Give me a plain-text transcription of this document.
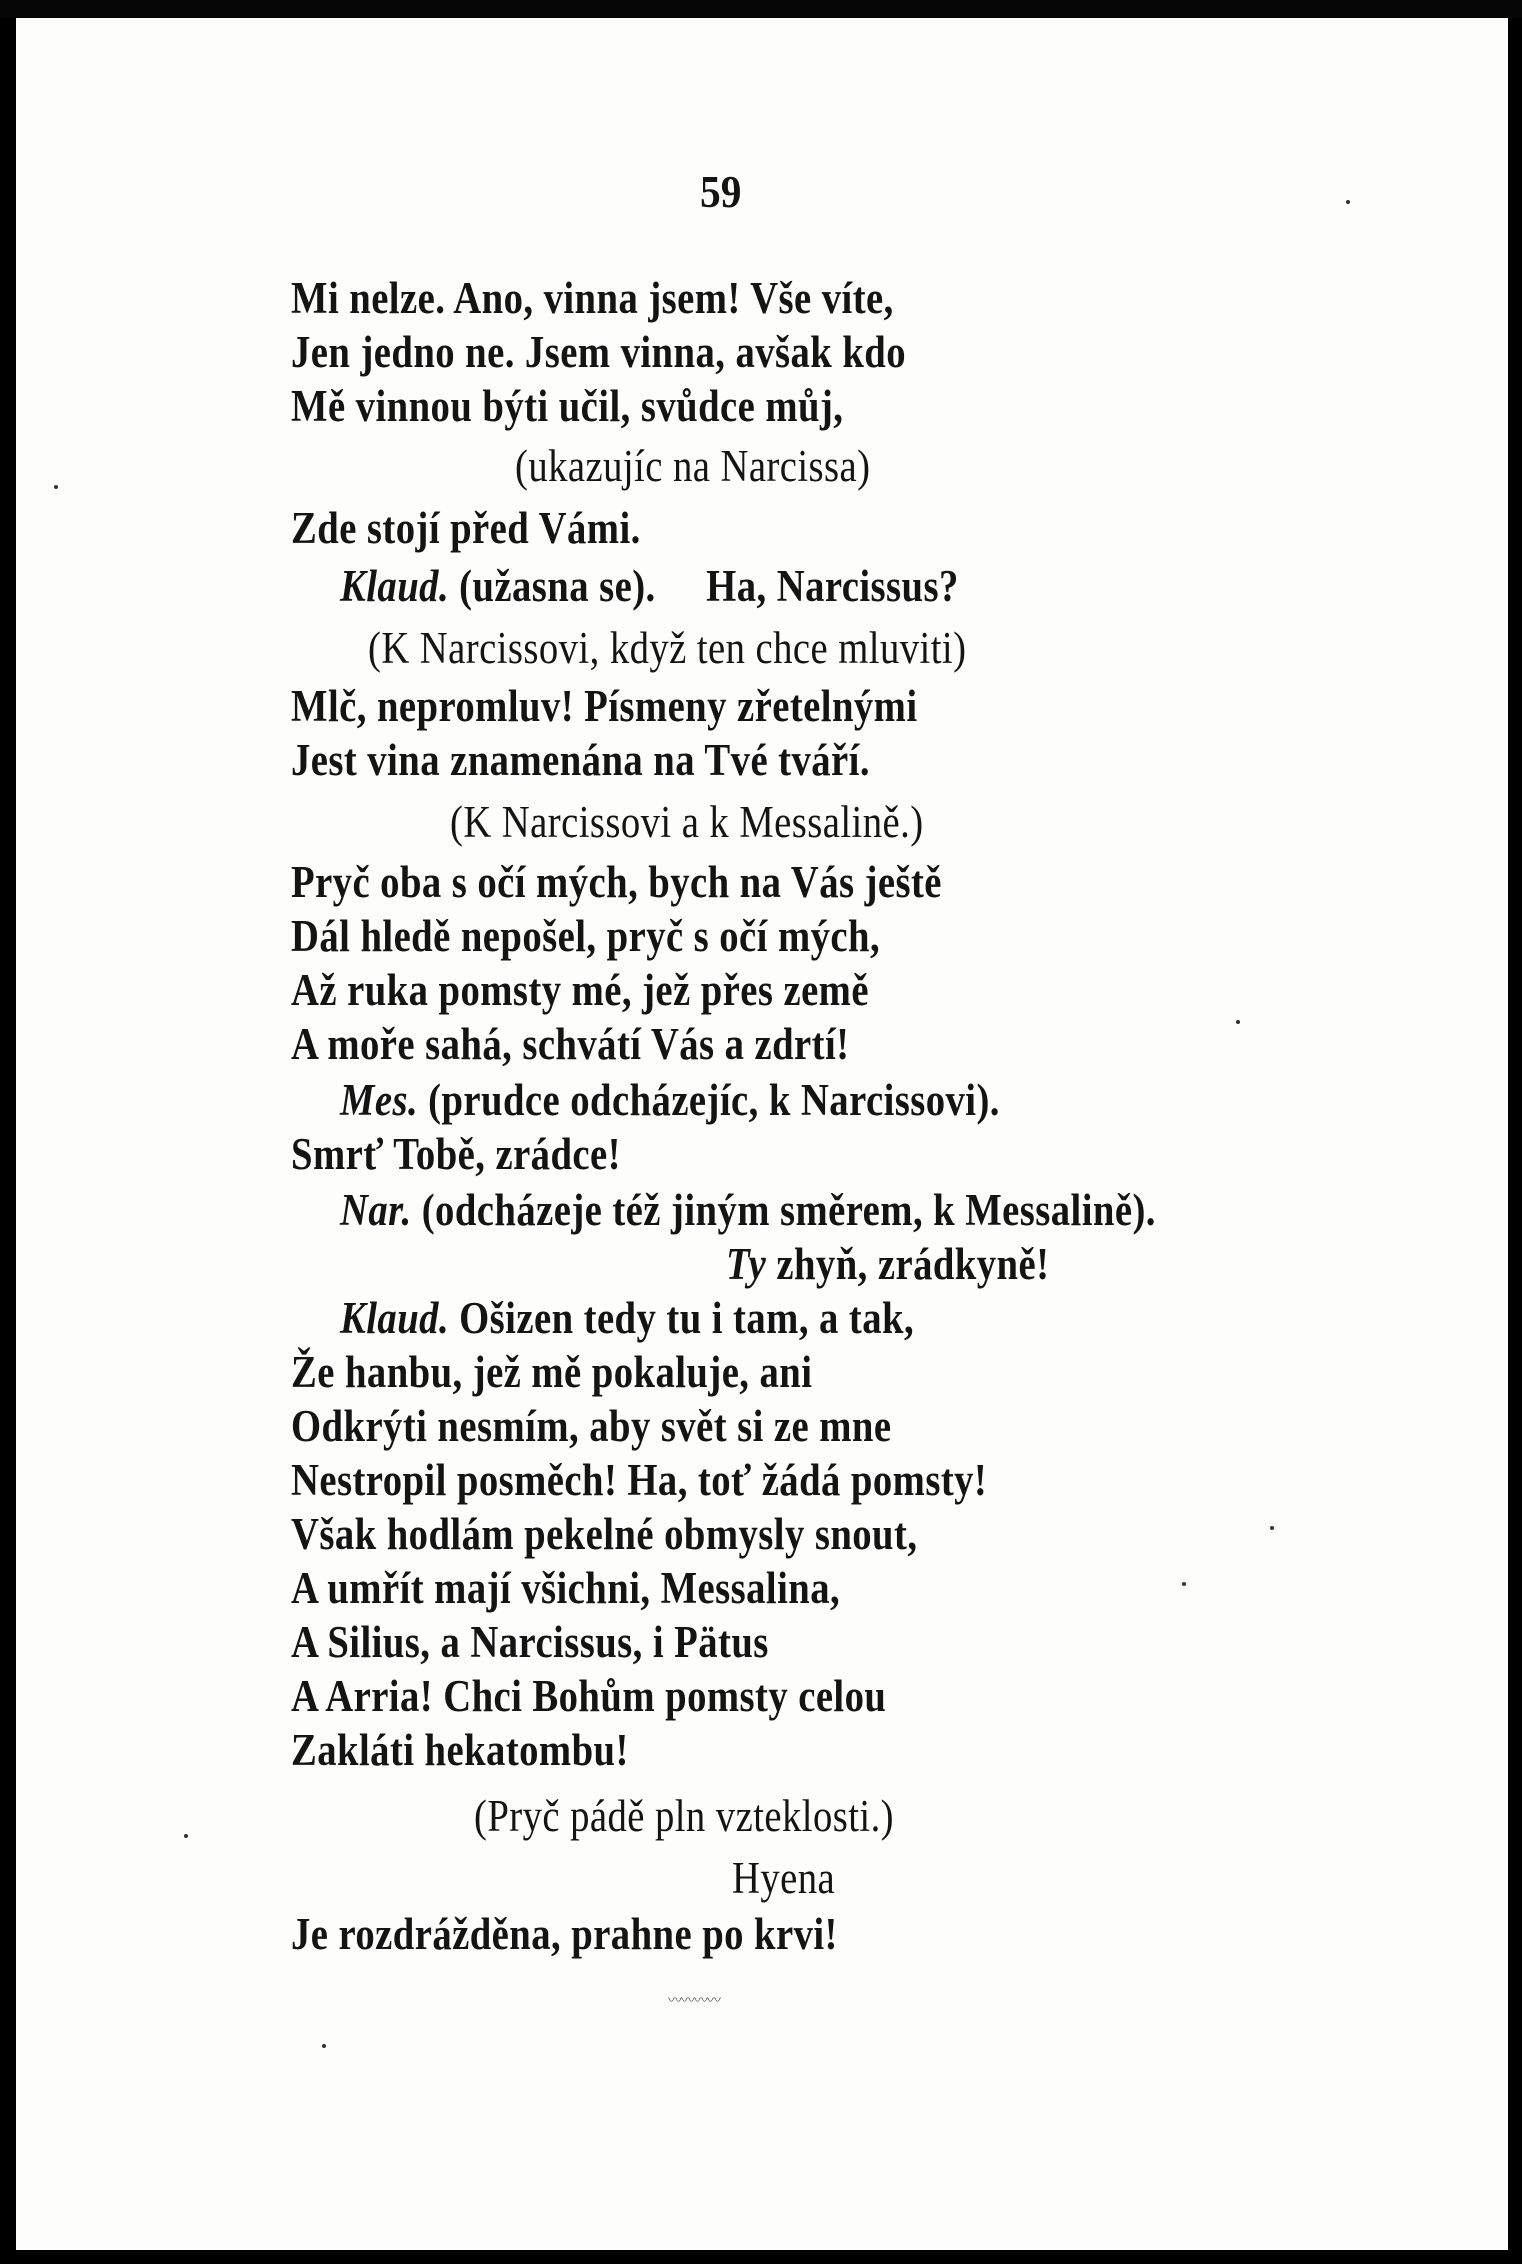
59
Mi nelze. Ano, vinna jsem! Vše víte,
Jen jedno ne. Jsem vinna, avšak kdo
Mě vinnou býti učil, svůdce můj,
(ukazujíc na Narcissa)
Zde stojí před Vámi.
Klaud. (užasna se).     Ha, Narcissus?
(K Narcissovi, když ten chce mluviti)
Mlč, nepromluv! Písmeny zřetelnými
Jest vina znamenána na Tvé tváří.
(K Narcissovi a k Messalině.)
Pryč oba s očí mých, bych na Vás ještě
Dál hledě nepošel, pryč s očí mých,
Až ruka pomsty mé, jež přes země
A moře sahá, schvátí Vás a zdrtí!
Mes. (prudce odcházejíc, k Narcissovi).
Smrť Tobě, zrádce!
Nar. (odcházeje též jiným směrem, k Messalině).
Ty zhyň, zrádkyně!
Klaud. Ošizen tedy tu i tam, a tak,
Že hanbu, jež mě pokaluje, ani
Odkrýti nesmím, aby svět si ze mne
Nestropil posměch! Ha, toť žádá pomsty!
Však hodlám pekelné obmysly snout,
A umřít mají všichni, Messalina,
A Silius, a Narcissus, i Pätus
A Arria! Chci Bohům pomsty celou
Zakláti hekatombu!
(Pryč pádě pln vzteklosti.)
Hyena
Je rozdrážděna, prahne po krvi!
〰〰〰〰
